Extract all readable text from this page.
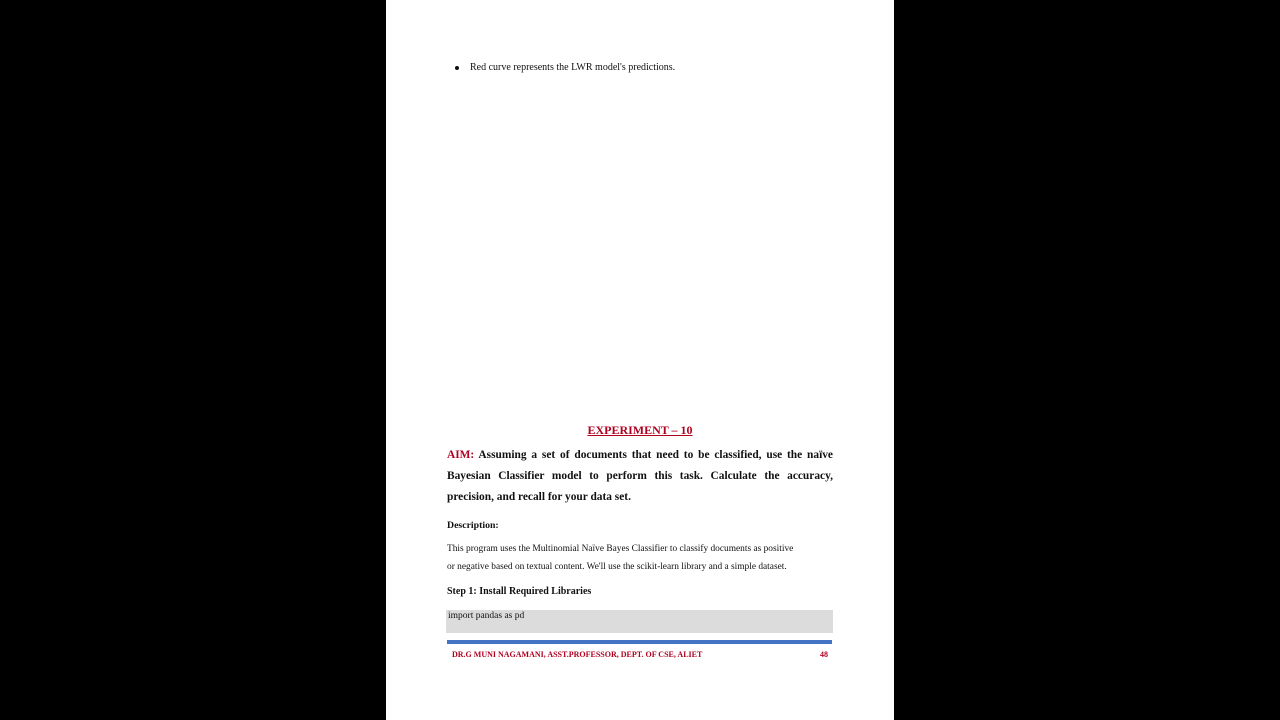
Red curve represents the LWR model's predictions.
EXPERIMENT – 10
AIM: Assuming a set of documents that need to be classified, use the naïve Bayesian Classifier model to perform this task. Calculate the accuracy, precision, and recall for your data set.
Description:
This program uses the Multinomial Naïve Bayes Classifier to classify documents as positive
or negative based on textual content. We'll use the scikit-learn library and a simple dataset.
Step 1: Install Required Libraries
import pandas as pd
DR.G MUNI NAGAMANI, ASST.PROFESSOR, DEPT. OF CSE, ALIET	48
